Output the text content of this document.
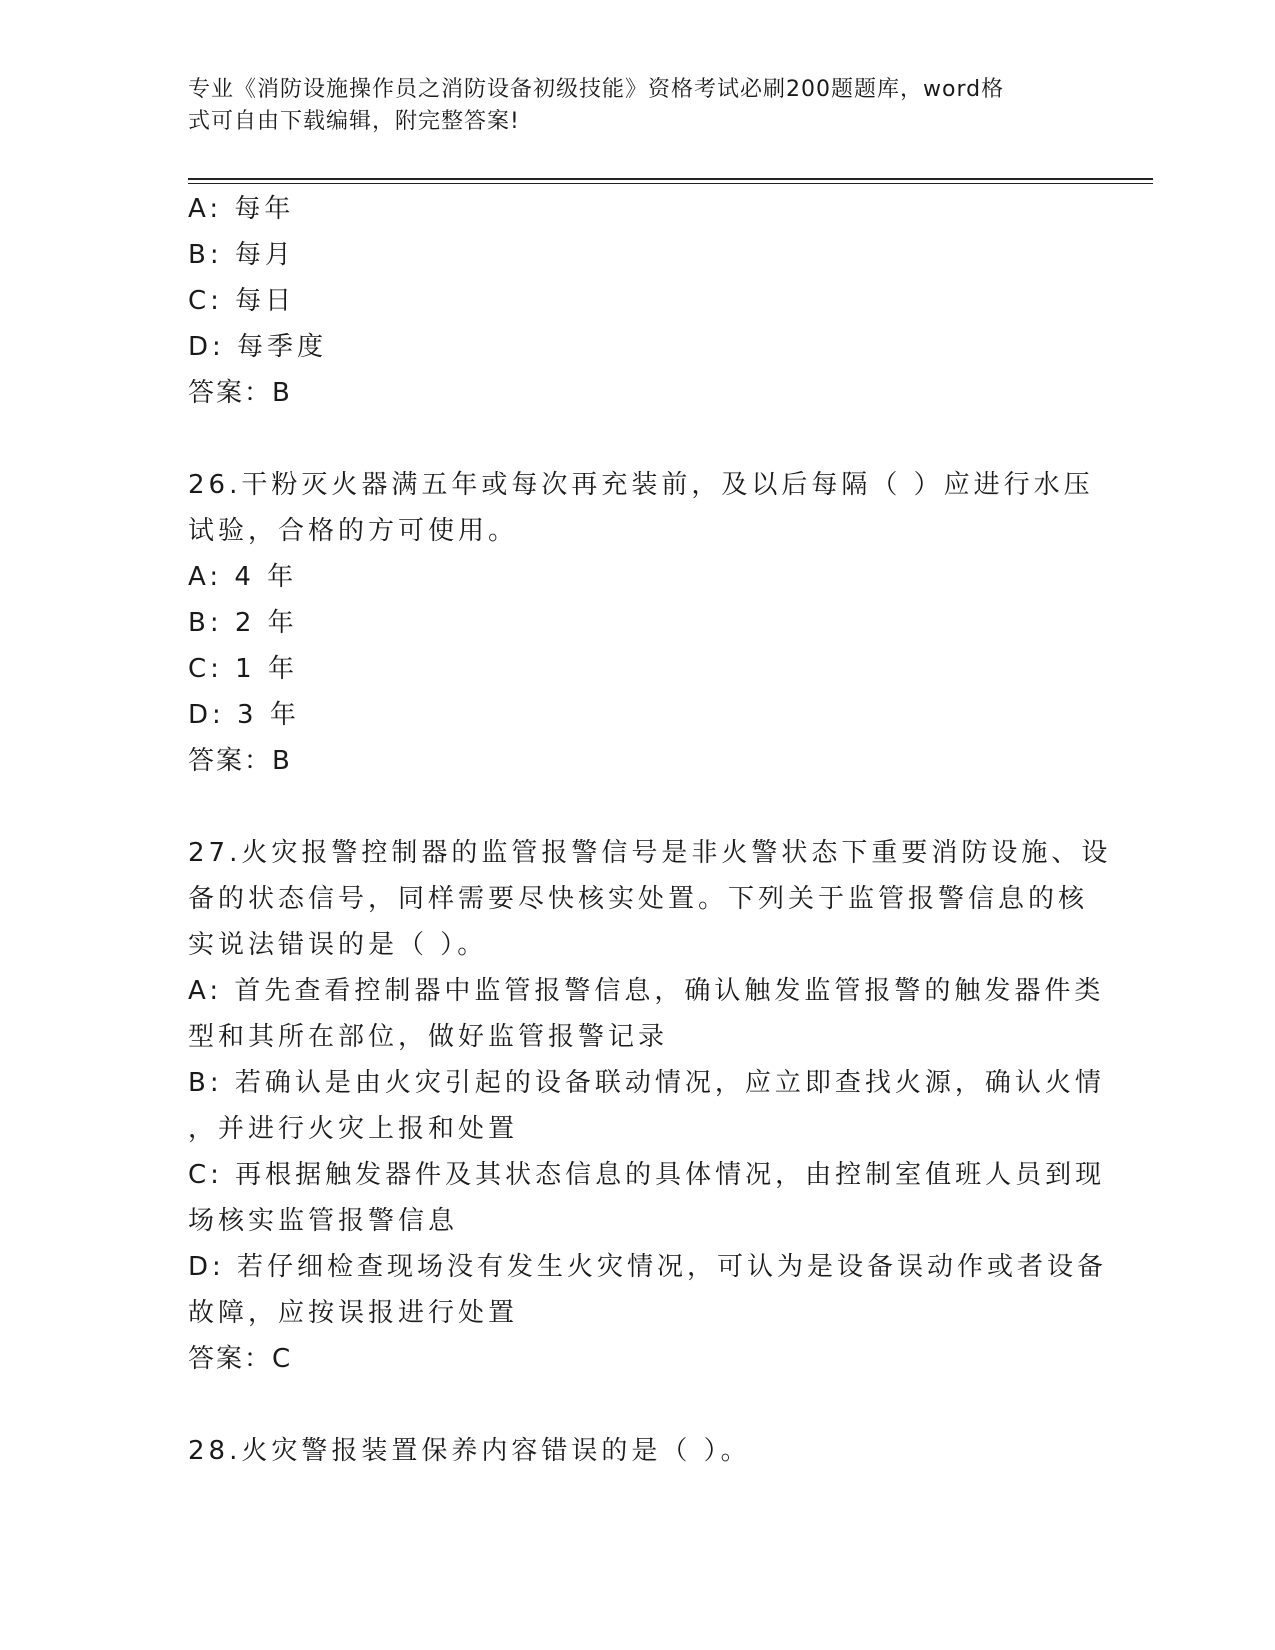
专业《消防设施操作员之消防设备初级技能》资格考试必刷200题题库，word格
式可自由下载编辑，附完整答案!
A: 每年
B: 每月
C: 每日
D: 每季度
答案：B
26.干粉灭火器满五年或每次再充装前，及以后每隔（ ）应进行水压
试验，合格的方可使用。
A: 4 年
B: 2 年
C: 1 年
D: 3 年
答案：B
27.火灾报警控制器的监管报警信号是非火警状态下重要消防设施、设
备的状态信号，同样需要尽快核实处置。下列关于监管报警信息的核
实说法错误的是（ ）。
A: 首先查看控制器中监管报警信息，确认触发监管报警的触发器件类
型和其所在部位，做好监管报警记录
B: 若确认是由火灾引起的设备联动情况，应立即查找火源，确认火情
，并进行火灾上报和处置
C: 再根据触发器件及其状态信息的具体情况，由控制室值班人员到现
场核实监管报警信息
D: 若仔细检查现场没有发生火灾情况，可认为是设备误动作或者设备
故障，应按误报进行处置
答案：C
28.火灾警报装置保养内容错误的是（ ）。
